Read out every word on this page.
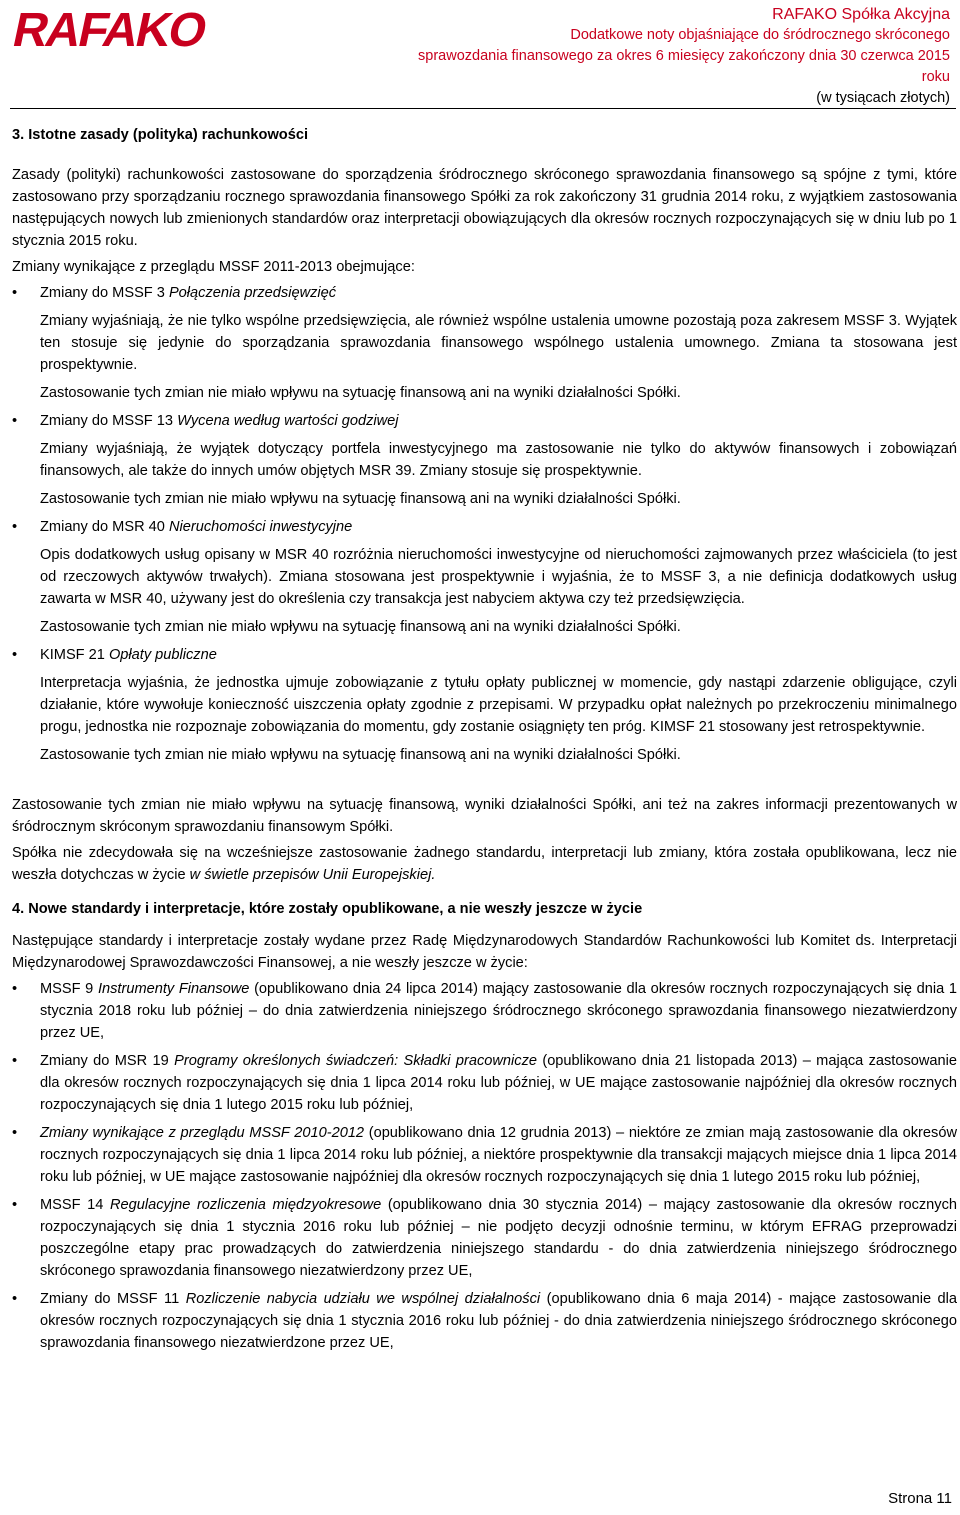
RAFAKO	RAFAKO Spółka Akcyjna
Dodatkowe noty objaśniające do śródrocznego skróconego
sprawozdania finansowego za okres 6 miesięcy zakończony dnia 30 czerwca 2015 roku
(w tysiącach złotych)
3. Istotne zasady (polityka) rachunkowości

Zasady (polityki) rachunkowości zastosowane do sporządzenia śródrocznego skróconego sprawozdania finansowego są spójne z tymi, które zastosowano przy sporządzaniu rocznego sprawozdania finansowego Spółki za rok zakończony 31 grudnia 2014 roku, z wyjątkiem zastosowania następujących nowych lub zmienionych standardów oraz interpretacji obowiązujących dla okresów rocznych rozpoczynających się w dniu lub po 1 stycznia 2015 roku.

Zmiany wynikające z przeglądu MSSF 2011-2013 obejmujące:

• Zmiany do MSSF 3 Połączenia przedsięwzięć
Zmiany wyjaśniają, że nie tylko wspólne przedsięwzięcia, ale również wspólne ustalenia umowne pozostają poza zakresem MSSF 3. Wyjątek ten stosuje się jedynie do sporządzania sprawozdania finansowego wspólnego ustalenia umownego. Zmiana ta stosowana jest prospektywnie.
Zastosowanie tych zmian nie miało wpływu na sytuację finansową ani na wyniki działalności Spółki.
• Zmiany do MSSF 13 Wycena według wartości godziwej
Zmiany wyjaśniają, że wyjątek dotyczący portfela inwestycyjnego ma zastosowanie nie tylko do aktywów finansowych i zobowiązań finansowych, ale także do innych umów objętych MSR 39. Zmiany stosuje się prospektywnie.
Zastosowanie tych zmian nie miało wpływu na sytuację finansową ani na wyniki działalności Spółki.
• Zmiany do MSR 40 Nieruchomości inwestycyjne
Opis dodatkowych usług opisany w MSR 40 rozróżnia nieruchomości inwestycyjne od nieruchomości zajmowanych przez właściciela (to jest od rzeczowych aktywów trwałych). Zmiana stosowana jest prospektywnie i wyjaśnia, że to MSSF 3, a nie definicja dodatkowych usług zawarta w MSR 40, używany jest do określenia czy transakcja jest nabyciem aktywa czy też przedsięwzięcia.
Zastosowanie tych zmian nie miało wpływu na sytuację finansową ani na wyniki działalności Spółki.
• KIMSF 21 Opłaty publiczne
Interpretacja wyjaśnia, że jednostka ujmuje zobowiązanie z tytułu opłaty publicznej w momencie, gdy nastąpi zdarzenie obligujące, czyli działanie, które wywołuje konieczność uiszczenia opłaty zgodnie z przepisami. W przypadku opłat należnych po przekroczeniu minimalnego progu, jednostka nie rozpoznaje zobowiązania do momentu, gdy zostanie osiągnięty ten próg. KIMSF 21 stosowany jest retrospektywnie.
Zastosowanie tych zmian nie miało wpływu na sytuację finansową ani na wyniki działalności Spółki.

Zastosowanie tych zmian nie miało wpływu na sytuację finansową, wyniki działalności Spółki, ani też na zakres informacji prezentowanych w śródrocznym skróconym sprawozdaniu finansowym Spółki.

Spółka nie zdecydowała się na wcześniejsze zastosowanie żadnego standardu, interpretacji lub zmiany, która została opublikowana, lecz nie weszła dotychczas w życie w świetle przepisów Unii Europejskiej.

4. Nowe standardy i interpretacje, które zostały opublikowane, a nie weszły jeszcze w życie

Następujące standardy i interpretacje zostały wydane przez Radę Międzynarodowych Standardów Rachunkowości lub Komitet ds. Interpretacji Międzynarodowej Sprawozdawczości Finansowej, a nie weszły jeszcze w życie:

• MSSF 9 Instrumenty Finansowe (opublikowano dnia 24 lipca 2014) mający zastosowanie dla okresów rocznych rozpoczynających się dnia 1 stycznia 2018 roku lub później – do dnia zatwierdzenia niniejszego śródrocznego skróconego sprawozdania finansowego niezatwierdzony przez UE,
• Zmiany do MSR 19 Programy określonych świadczeń: Składki pracownicze (opublikowano dnia 21 listopada 2013) – mająca zastosowanie dla okresów rocznych rozpoczynających się dnia 1 lipca 2014 roku lub później, w UE mające zastosowanie najpóźniej dla okresów rocznych rozpoczynających się dnia 1 lutego 2015 roku lub później,
• Zmiany wynikające z przeglądu MSSF 2010-2012 (opublikowano dnia 12 grudnia 2013) – niektóre ze zmian mają zastosowanie dla okresów rocznych rozpoczynających się dnia 1 lipca 2014 roku lub później, a niektóre prospektywnie dla transakcji mających miejsce dnia 1 lipca 2014 roku lub później, w UE mające zastosowanie najpóźniej dla okresów rocznych rozpoczynających się dnia 1 lutego 2015 roku lub później,
• MSSF 14 Regulacyjne rozliczenia międzyokresowe (opublikowano dnia 30 stycznia 2014) – mający zastosowanie dla okresów rocznych rozpoczynających się dnia 1 stycznia 2016 roku lub później – nie podjęto decyzji odnośnie terminu, w którym EFRAG przeprowadzi poszczególne etapy prac prowadzących do zatwierdzenia niniejszego standardu - do dnia zatwierdzenia niniejszego śródrocznego skróconego sprawozdania finansowego niezatwierdzony przez UE,
• Zmiany do MSSF 11 Rozliczenie nabycia udziału we wspólnej działalności (opublikowano dnia 6 maja 2014) - mające zastosowanie dla okresów rocznych rozpoczynających się dnia 1 stycznia 2016 roku lub później - do dnia zatwierdzenia niniejszego śródrocznego skróconego sprawozdania finansowego niezatwierdzone przez UE,
Strona 11
